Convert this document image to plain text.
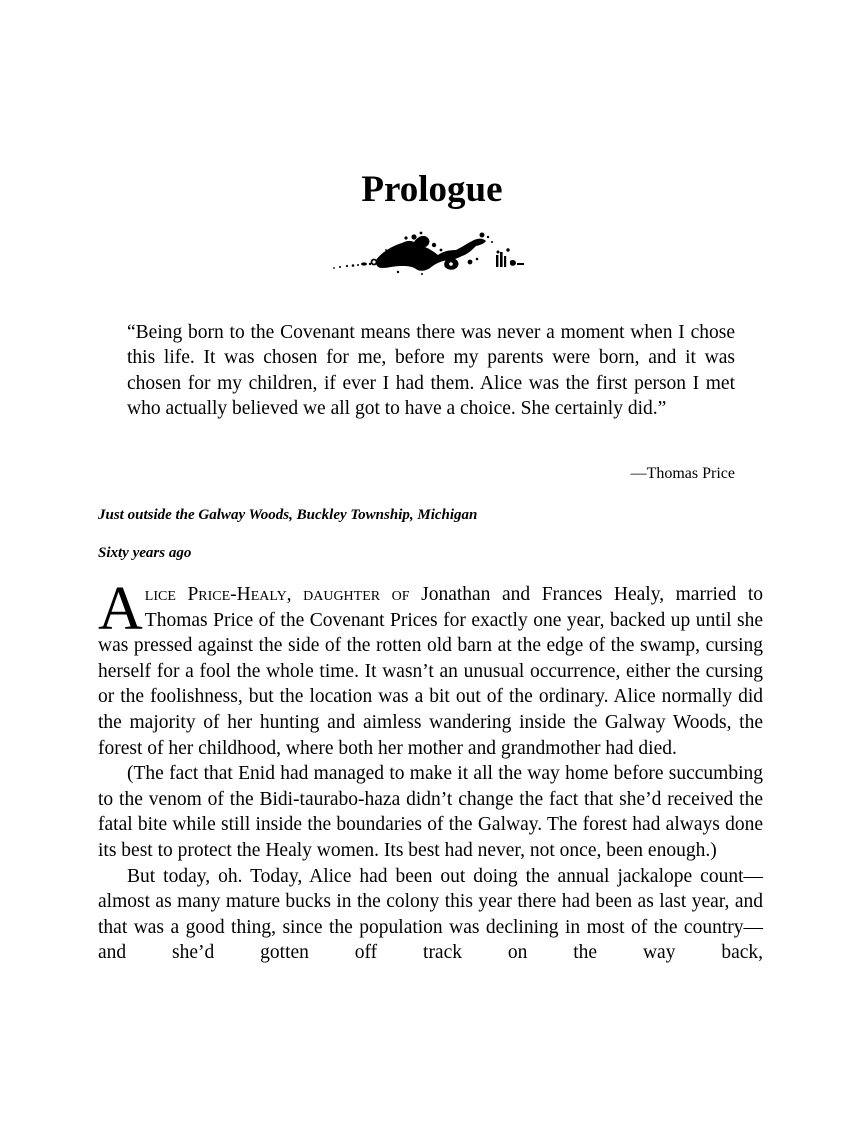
Prologue

“Being born to the Covenant means there was never a moment when I chose this life. It was chosen for me, before my parents were born, and it was chosen for my children, if ever I had them. Alice was the first person I met who actually believed we all got to have a choice. She certainly did.”

—Thomas Price

Just outside the Galway Woods, Buckley Township, Michigan

Sixty years ago

Alice Price-Healy, daughter of Jonathan and Frances Healy, married to Thomas Price of the Covenant Prices for exactly one year, backed up until she was pressed against the side of the rotten old barn at the edge of the swamp, cursing herself for a fool the whole time. It wasn’t an unusual occurrence, either the cursing or the foolishness, but the location was a bit out of the ordinary. Alice normally did the majority of her hunting and aimless wandering inside the Galway Woods, the forest of her childhood, where both her mother and grandmother had died.

(The fact that Enid had managed to make it all the way home before succumbing to the venom of the Bidi-taurabo-haza didn’t change the fact that she’d received the fatal bite while still inside the boundaries of the Galway. The forest had always done its best to protect the Healy women. Its best had never, not once, been enough.)

But today, oh. Today, Alice had been out doing the annual jackalope count—almost as many mature bucks in the colony this year there had been as last year, and that was a good thing, since the population was declining in most of the country—and she’d gotten off track on the way back,
